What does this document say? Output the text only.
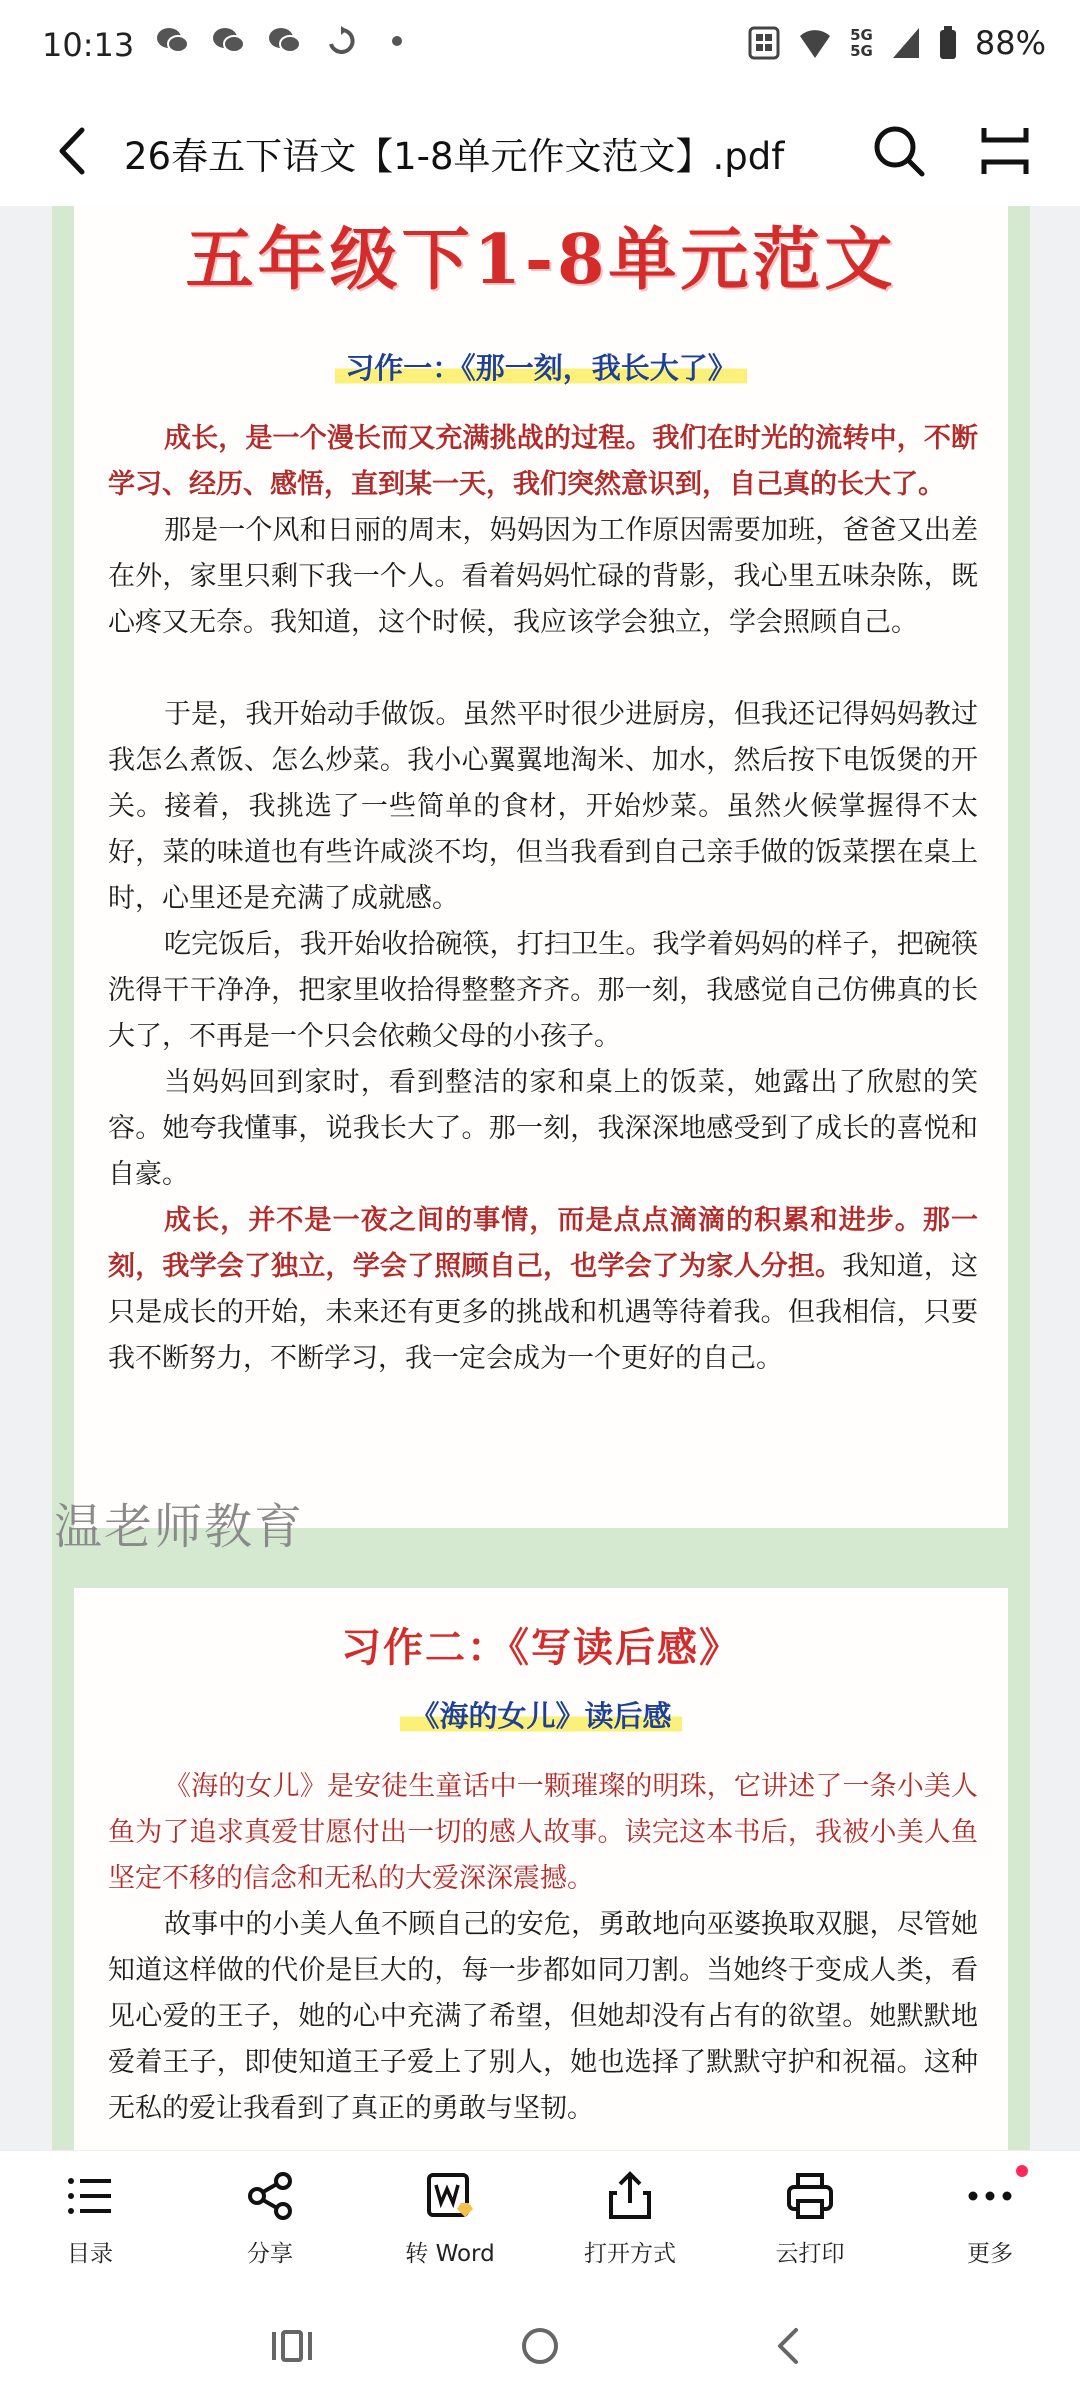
10:13	5G
5G	88%
26春五下语文【1-8单元作文范文】.pdf
五年级下1-8单元范文
习作一：《那一刻，我长大了》

成长，是一个漫长而又充满挑战的过程。我们在时光的流转中，不断学习、经历、感悟，直到某一天，我们突然意识到，自己真的长大了。

那是一个风和日丽的周末，妈妈因为工作原因需要加班，爸爸又出差在外，家里只剩下我一个人。看着妈妈忙碌的背影，我心里五味杂陈，既心疼又无奈。我知道，这个时候，我应该学会独立，学会照顾自己。

于是，我开始动手做饭。虽然平时很少进厨房，但我还记得妈妈教过我怎么煮饭、怎么炒菜。我小心翼翼地淘米、加水，然后按下电饭煲的开关。接着，我挑选了一些简单的食材，开始炒菜。虽然火候掌握得不太好，菜的味道也有些许咸淡不均，但当我看到自己亲手做的饭菜摆在桌上时，心里还是充满了成就感。

吃完饭后，我开始收拾碗筷，打扫卫生。我学着妈妈的样子，把碗筷洗得干干净净，把家里收拾得整整齐齐。那一刻，我感觉自己仿佛真的长大了，不再是一个只会依赖父母的小孩子。

当妈妈回到家时，看到整洁的家和桌上的饭菜，她露出了欣慰的笑容。她夸我懂事，说我长大了。那一刻，我深深地感受到了成长的喜悦和自豪。

成长，并不是一夜之间的事情，而是点点滴滴的积累和进步。那一刻，我学会了独立，学会了照顾自己，也学会了为家人分担。我知道，这只是成长的开始，未来还有更多的挑战和机遇等待着我。但我相信，只要我不断努力，不断学习，我一定会成为一个更好的自己。

习作二：《写读后感》
《海的女儿》读后感

《海的女儿》是安徒生童话中一颗璀璨的明珠，它讲述了一条小美人鱼为了追求真爱甘愿付出一切的感人故事。读完这本书后，我被小美人鱼坚定不移的信念和无私的大爱深深震撼。

故事中的小美人鱼不顾自己的安危，勇敢地向巫婆换取双腿，尽管她知道这样做的代价是巨大的，每一步都如同刀割。当她终于变成人类，看见心爱的王子，她的心中充满了希望，但她却没有占有的欲望。她默默地爱着王子，即使知道王子爱上了别人，她也选择了默默守护和祝福。这种无私的爱让我看到了真正的勇敢与坚韧。

温老师教育
目录	分享	转 Word	打开方式	云打印	更多
